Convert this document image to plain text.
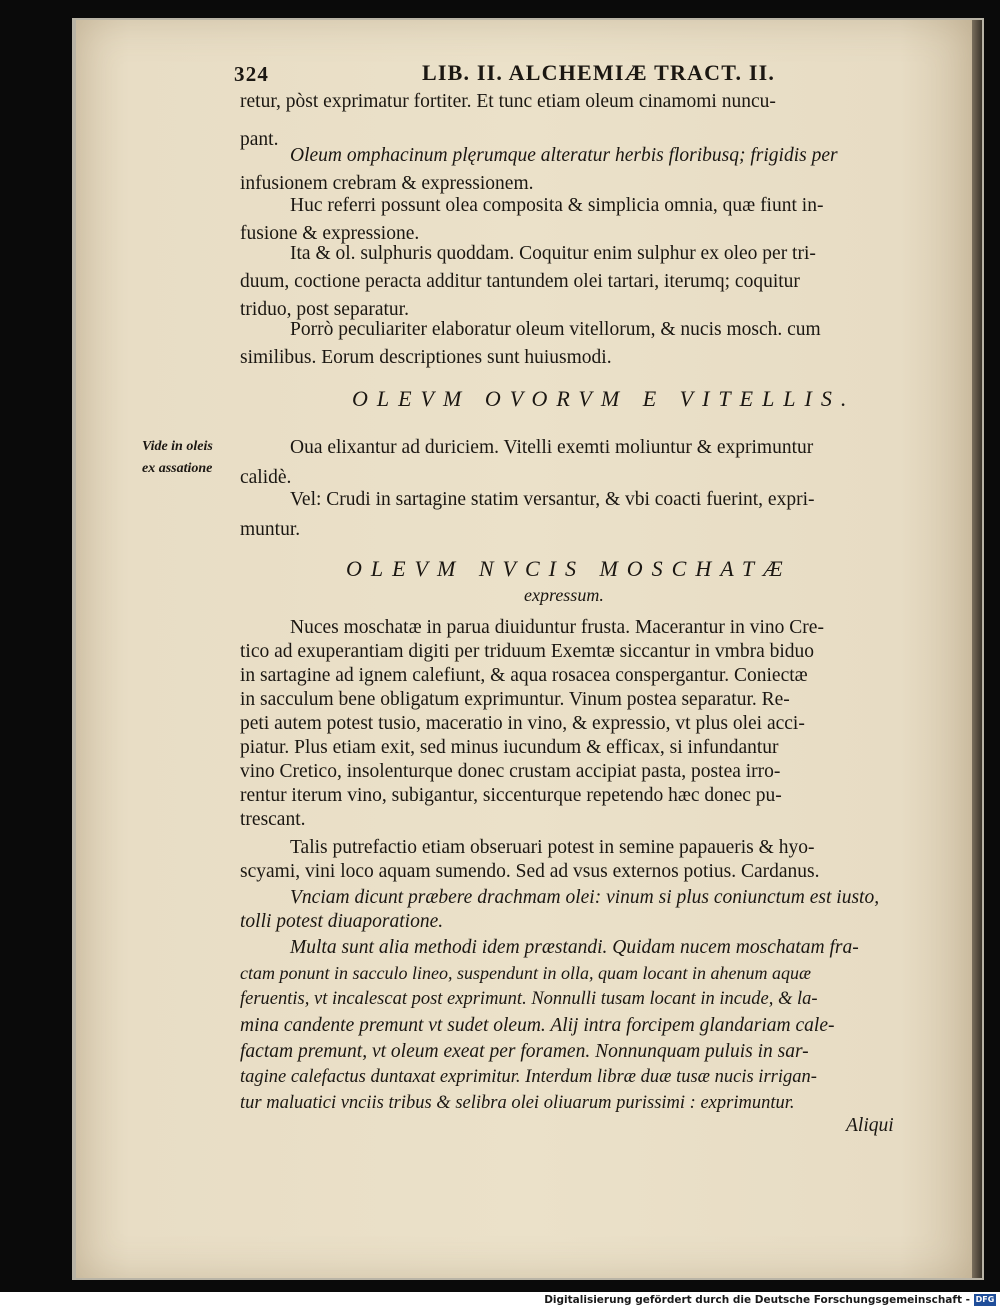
324	LIB. II. ALCHEMIÆ TRACT. II.
retur, pòst exprimatur fortiter. Et tunc etiam oleum cinamomi nuncu-
pant.
Oleum omphacinum plęrumque alteratur herbis floribusq; frigidis per
infusionem crebram & expressionem.
Huc referri possunt olea composita & simplicia omnia, quæ fiunt in-
fusione & expressione.
Ita & ol. sulphuris quoddam. Coquitur enim sulphur ex oleo per tri-
duum, coctione peracta additur tantundem olei tartari, iterumq; coquitur
triduo, post separatur.
Porrò peculiariter elaboratur oleum vitellorum, & nucis mosch. cum
similibus. Eorum descriptiones sunt huiusmodi.
OLEVM OVORVM E VITELLIS.
Vide in oleis
ex assatione
Oua elixantur ad duriciem. Vitelli exemti moliuntur & exprimuntur
calidè.
Vel: Crudi in sartagine statim versantur, & vbi coacti fuerint, expri-
muntur.
OLEVM NVCIS MOSCHATÆ
expressum.
Nuces moschatæ in parua diuiduntur frusta. Macerantur in vino Cre-
tico ad exuperantiam digiti per triduum Exemtæ siccantur in vmbra biduo
in sartagine ad ignem calefiunt, & aqua rosacea conspergantur. Coniectæ
in sacculum bene obligatum exprimuntur. Vinum postea separatur. Re-
peti autem potest tusio, maceratio in vino, & expressio, vt plus olei acci-
piatur. Plus etiam exit, sed minus iucundum & efficax, si infundantur
vino Cretico, insolenturque donec crustam accipiat pasta, postea irro-
rentur iterum vino, subigantur, siccenturque repetendo hæc donec pu-
trescant.
Talis putrefactio etiam obseruari potest in semine papaueris & hyo-
scyami, vini loco aquam sumendo. Sed ad vsus externos potius. Cardanus.
Vnciam dicunt præbere drachmam olei: vinum si plus coniunctum est iusto,
tolli potest diuaporatione.
Multa sunt alia methodi idem præstandi. Quidam nucem moschatam fra-
ctam ponunt in sacculo lineo, suspendunt in olla, quam locant in ahenum aquæ
feruentis, vt incalescat post exprimunt. Nonnulli tusam locant in incude, & la-
mina candente premunt vt sudet oleum. Alij intra forcipem glandariam cale-
factam premunt, vt oleum exeat per foramen. Nonnunquam puluis in sar-
tagine calefactus duntaxat exprimitur. Interdum libræ duæ tusæ nucis irrigan-
tur maluatici vnciis tribus & selibra olei oliuarum purissimi : exprimuntur.
Aliqui
Digitalisierung gefördert durch die Deutsche Forschungsgemeinschaft - DFG
